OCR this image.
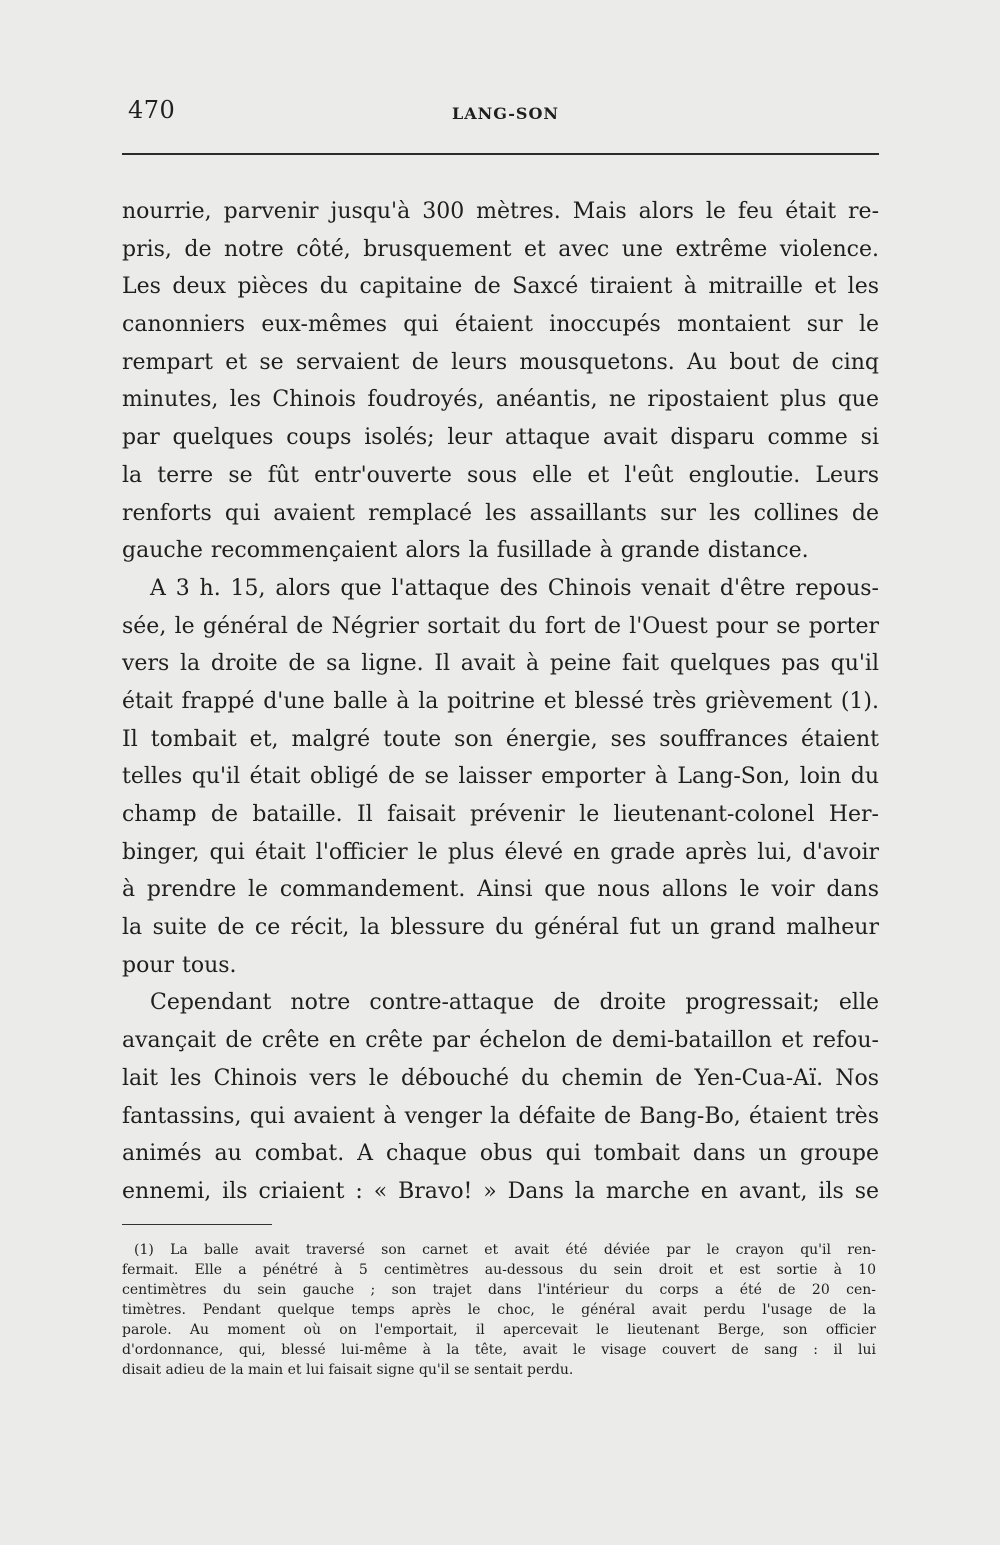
470	LANG-SON
nourrie, parvenir jusqu'à 300 mètres. Mais alors le feu était re-
pris, de notre côté, brusquement et avec une extrême violence.
Les deux pièces du capitaine de Saxcé tiraient à mitraille et les
canonniers eux-mêmes qui étaient inoccupés montaient sur le
rempart et se servaient de leurs mousquetons. Au bout de cinq
minutes, les Chinois foudroyés, anéantis, ne ripostaient plus que
par quelques coups isolés; leur attaque avait disparu comme si
la terre se fût entr'ouverte sous elle et l'eût engloutie. Leurs
renforts qui avaient remplacé les assaillants sur les collines de
gauche recommençaient alors la fusillade à grande distance.
A 3 h. 15, alors que l'attaque des Chinois venait d'être repous-
sée, le général de Négrier sortait du fort de l'Ouest pour se porter
vers la droite de sa ligne. Il avait à peine fait quelques pas qu'il
était frappé d'une balle à la poitrine et blessé très grièvement (1).
Il tombait et, malgré toute son énergie, ses souffrances étaient
telles qu'il était obligé de se laisser emporter à Lang-Son, loin du
champ de bataille. Il faisait prévenir le lieutenant-colonel Her-
binger, qui était l'officier le plus élevé en grade après lui, d'avoir
à prendre le commandement. Ainsi que nous allons le voir dans
la suite de ce récit, la blessure du général fut un grand malheur
pour tous.
Cependant notre contre-attaque de droite progressait; elle
avançait de crête en crête par échelon de demi-bataillon et refou-
lait les Chinois vers le débouché du chemin de Yen-Cua-Aï. Nos
fantassins, qui avaient à venger la défaite de Bang-Bo, étaient très
animés au combat. A chaque obus qui tombait dans un groupe
ennemi, ils criaient : « Bravo! » Dans la marche en avant, ils se
(1) La balle avait traversé son carnet et avait été déviée par le crayon qu'il ren-
fermait. Elle a pénétré à 5 centimètres au-dessous du sein droit et est sortie à 10
centimètres du sein gauche ; son trajet dans l'intérieur du corps a été de 20 cen-
timètres. Pendant quelque temps après le choc, le général avait perdu l'usage de la
parole. Au moment où on l'emportait, il apercevait le lieutenant Berge, son officier
d'ordonnance, qui, blessé lui-même à la tête, avait le visage couvert de sang : il lui
disait adieu de la main et lui faisait signe qu'il se sentait perdu.
